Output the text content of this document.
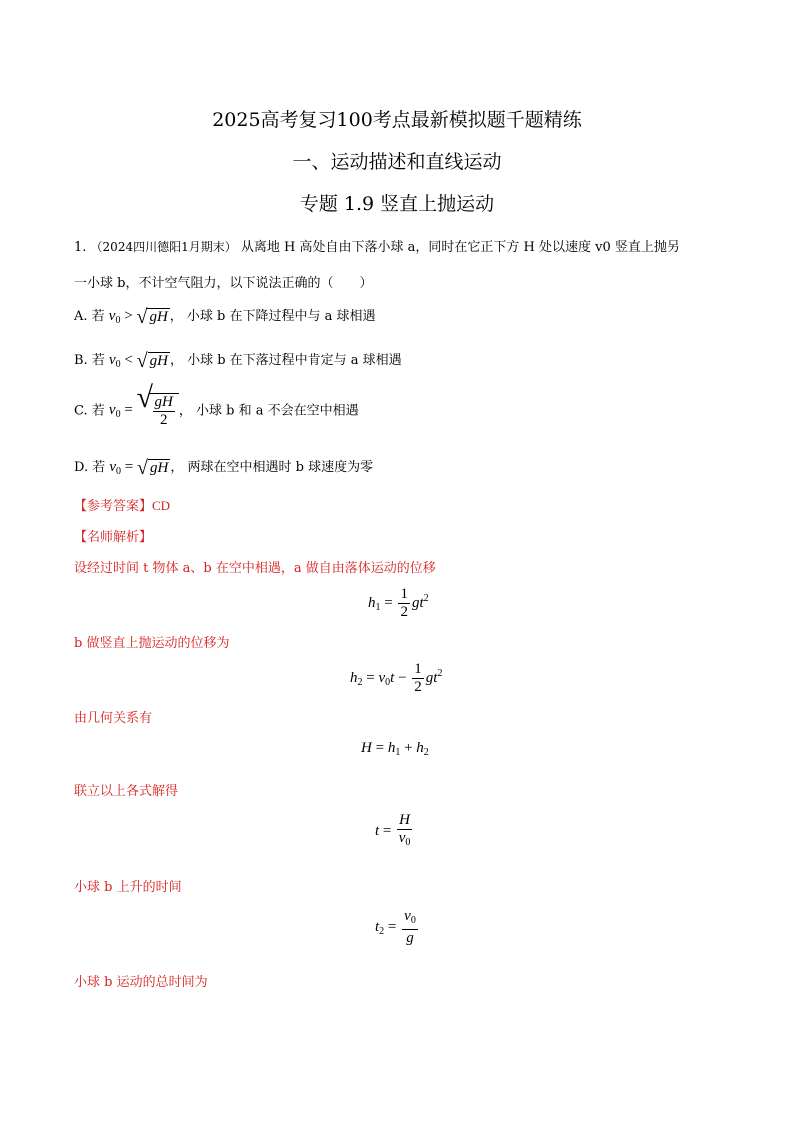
2025高考复习100考点最新模拟题千题精练
一、运动描述和直线运动
专题 1.9 竖直上抛运动
1. （2024四川德阳1月期末） 从离地 H 高处自由下落小球 a，同时在它正下方 H 处以速度 v0 竖直上抛另
一小球 b，不计空气阻力，以下说法正确的（　　）
A. 若 $v_0$ > √ gH ， 小球 b 在下降过程中与 a 球相遇
B. 若 $v_0$ < √ gH ， 小球 b 在下落过程中肯定与 a 球相遇
C. 若 $v_0$ = √ $\frac{gH}{2}$ ， 小球 b 和 a 不会在空中相遇
D. 若 $v_0$ = √ gH ， 两球在空中相遇时 b 球速度为零
【参考答案】CD
【名师解析】
设经过时间 t 物体 a、b 在空中相遇，a 做自由落体运动的位移
$h_1 = \frac{1}{2} gt^2$
b 做竖直上抛运动的位移为
$h_2 = v_0t - \frac{1}{2} gt^2$
由几何关系有
$H = h_1 + h_2$
联立以上各式解得
$t = \frac{H}{v_0}$
小球 b 上升的时间
$t_2 = \frac{v_0}{g}$
小球 b 运动的总时间为
